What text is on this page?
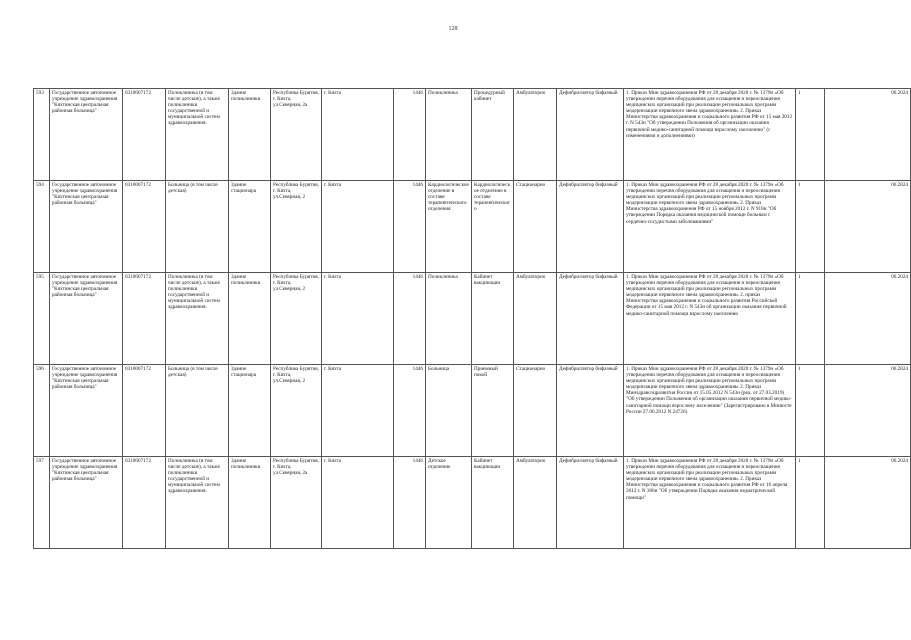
128
593	Государственное автономное учреждение здравоохранения "Кяхтинская центральная районная больница"	0310007172	Поликлиника (в том числе детские), а также поликлиники государственной и муниципальной систем здравоохранения.	Здание поликлиники	Республика Бурятия, г. Кяхта, ул.Северная, 2а	г. Кяхта	1446	Поликлиника	Процедурный кабинет	Амбулаторно	Дефибриллятор бифазный	1. Приказ Мин здравоохранения РФ от 28 декабря 2020 г. № 1379н «Об утверждении перечня оборудования для оснащения и переоснащения медицинских организаций при реализации региональных программ модернизации первичного звена здравоохранения» 2. Приказ Министерства здравоохранения и социального развития РФ от 15 мая 2012 г. N 543н "Об утверждении Положения об организации оказания первичной медико-санитарной помощи взрослому населению" (с изменениями и дополнениями)	1	06.2024
594	Государственное автономное учреждение здравоохранения "Кяхтинская центральная районная больница"	0310007172	Больница (в том числе детская)	Здание стационара	Республика Бурятия, г. Кяхта, ул.Северная, 2	г. Кяхта	1446	Кардиологическое отделение в составе терапевтического отделения	Кардиологическое отделение в составе терапевтического	Стационарно	Дефибриллятор бифазный	1. Приказ Мин здравоохранения РФ от 28 декабря 2020 г. № 1379н «Об утверждении перечня оборудования для оснащения и переоснащения медицинских организаций при реализации региональных программ модернизации первичного звена здравоохранения» 2. Приказ Министерства здравоохранения РФ от 15 ноября 2012 г. N 918н "Об утверждении Порядка оказания медицинской помощи больным с сердечно-сосудистыми заболеваниями"	1	06.2024
595	Государственное автономное учреждение здравоохранения "Кяхтинская центральная районная больница"	0310007172	Поликлиника (в том числе детские), а также поликлиники государственной и муниципальной систем здравоохранения.	Здание поликлиники	Республика Бурятия, г. Кяхта, ул.Северная, 2	г. Кяхта	1446	Поликлиника	Кабинет вакцинации	Амбулаторно	Дефибриллятор бифазный	1. Приказ Мин здравоохранения РФ от 28 декабря 2020 г. № 1379н «Об утверждении перечня оборудования для оснащения и переоснащения медицинских организаций при реализации региональных программ модернизации первичного звена здравоохранения» 2. приказ Министерства здравоохранения и социального развития Российской Федерации от 15 мая 2012 г. N 543н об организации оказания первичной медико-санитарной помощи взрослому населению	1	06.2024
596	Государственное автономное учреждение здравоохранения "Кяхтинская центральная районная больница"	0310007172	Больница (в том числе детская)	Здание стационара	Республика Бурятия, г. Кяхта, ул.Северная, 2	г. Кяхта	1446	Больница	Приемный покой	Стационарно	Дефибриллятор бифазный	1. Приказ Мин здравоохранения РФ от 28 декабря 2020 г. № 1379н «Об утверждении перечня оборудования для оснащения и переоснащения медицинских организаций при реализации региональных программ модернизации первичного звена здравоохранения» 2. Приказ Минздравсоцразвития России от 15.05.2012 N 543н (ред. от 27.03.2019) "Об утверждении Положения об организации оказания первичной медико-санитарной помощи взрослому населению" (Зарегистрировано в Минюсте России 27.06.2012 N 24726)	1	06.2024
597	Государственное автономное учреждение здравоохранения "Кяхтинская центральная районная больница"	0310007172	Поликлиника (в том числе детские), а также поликлиники государственной и муниципальной систем здравоохранения.	Здание поликлиники	Республика Бурятия, г. Кяхта, ул.Северная, 2а	г. Кяхта	1446	Детское отделение	Кабинет вакцинации	Амбулаторно	Дефибриллятор бифазный	1. Приказ Мин здравоохранения РФ от 28 декабря 2020 г. № 1379н «Об утверждении перечня оборудования для оснащения и переоснащения медицинских организаций при реализации региональных программ модернизации первичного звена здравоохранения» 2. Приказ Министерства здравоохранения и социального развития РФ от 16 апреля 2012 г. N 366н "Об утверждении Порядка оказания педиатрической помощи"	1	06.2024
